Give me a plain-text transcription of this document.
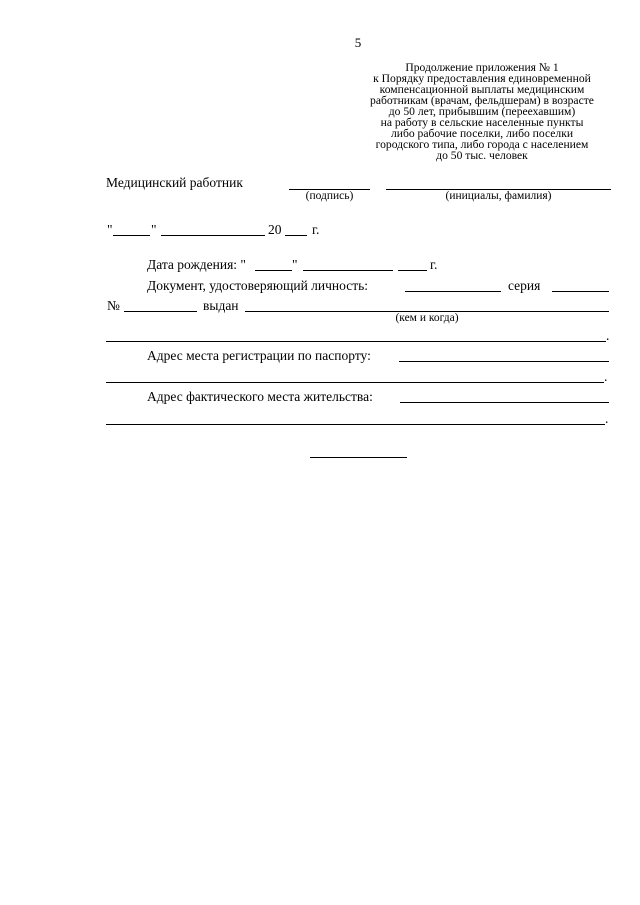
5
Продолжение приложения № 1
к Порядку предоставления единовременной
компенсационной выплаты медицинским
работникам (врачам, фельдшерам) в возрасте
до 50 лет, прибывшим (переехавшим)
на работу в сельские населенные пункты
либо рабочие поселки, либо поселки
городского типа, либо города с населением
до 50 тыс. человек
Медицинский работник
(подпись)	(инициалы, фамилия)
"	"	20 г.
Дата рождения: "	"	г.
Документ, удостоверяющий личность:	серия
№	выдан
(кем и когда)
.
Адрес места регистрации по паспорту:
.
Адрес фактического места жительства:
.
